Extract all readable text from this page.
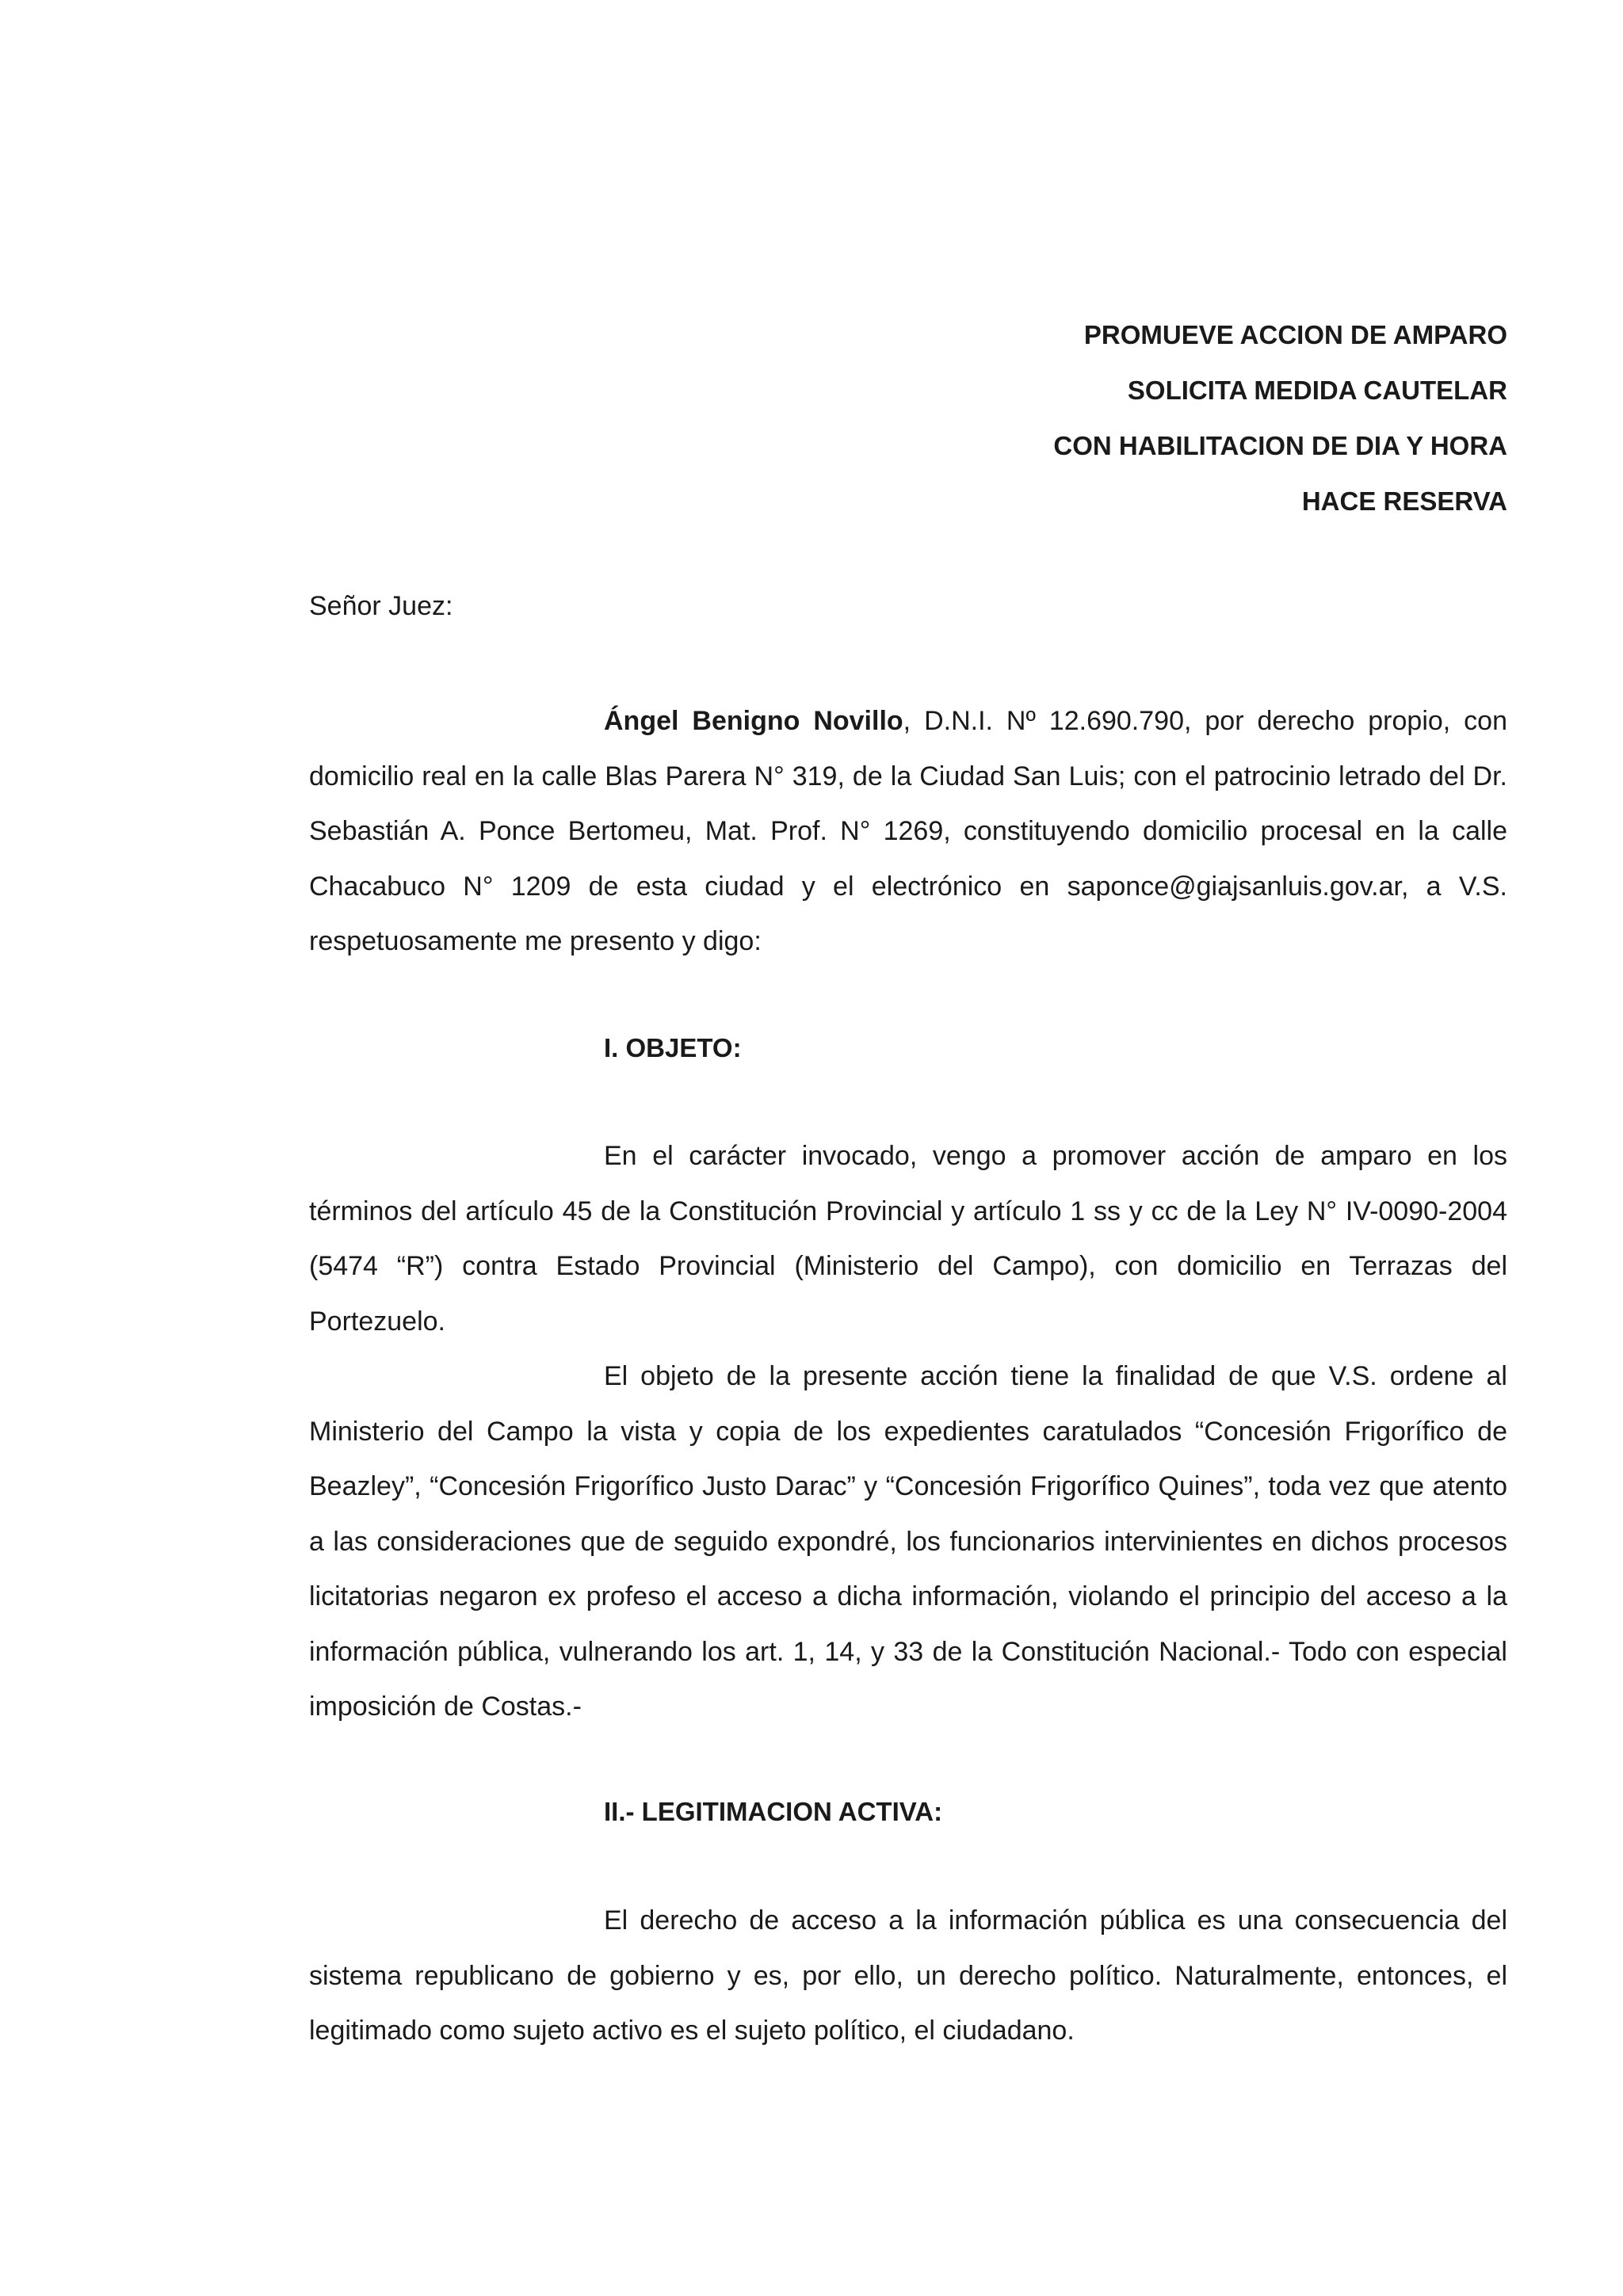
PROMUEVE ACCION DE AMPARO
SOLICITA MEDIDA CAUTELAR
CON HABILITACION DE DIA Y HORA
HACE RESERVA
Señor Juez:
Ángel Benigno Novillo, D.N.I. Nº 12.690.790, por derecho propio, con domicilio real en la calle Blas Parera N° 319, de la Ciudad San Luis; con el patrocinio letrado del Dr. Sebastián A. Ponce Bertomeu, Mat. Prof. N° 1269, constituyendo domicilio procesal en la calle Chacabuco N° 1209 de esta ciudad y el electrónico en saponce@giajsanluis.gov.ar, a V.S. respetuosamente me presento y digo:
I. OBJETO:
En el carácter invocado, vengo a promover acción de amparo en los términos del artículo 45 de la Constitución Provincial y artículo 1 ss y cc de la Ley N° IV-0090-2004 (5474 “R”) contra Estado Provincial (Ministerio del Campo), con domicilio en Terrazas del Portezuelo.
El objeto de la presente acción tiene la finalidad de que V.S. ordene al Ministerio del Campo la vista y copia de los expedientes caratulados “Concesión Frigorífico de Beazley”, “Concesión Frigorífico Justo Darac” y “Concesión Frigorífico Quines”, toda vez que atento a las consideraciones que de seguido expondré, los funcionarios intervinientes en dichos procesos licitatorias negaron ex profeso el acceso a dicha información, violando el principio del acceso a la información pública, vulnerando los art. 1, 14, y 33 de la Constitución Nacional.- Todo con especial imposición de Costas.-
II.- LEGITIMACION ACTIVA:
El derecho de acceso a la información pública es una consecuencia del sistema republicano de gobierno y es, por ello, un derecho político. Naturalmente, entonces, el legitimado como sujeto activo es el sujeto político, el ciudadano.
